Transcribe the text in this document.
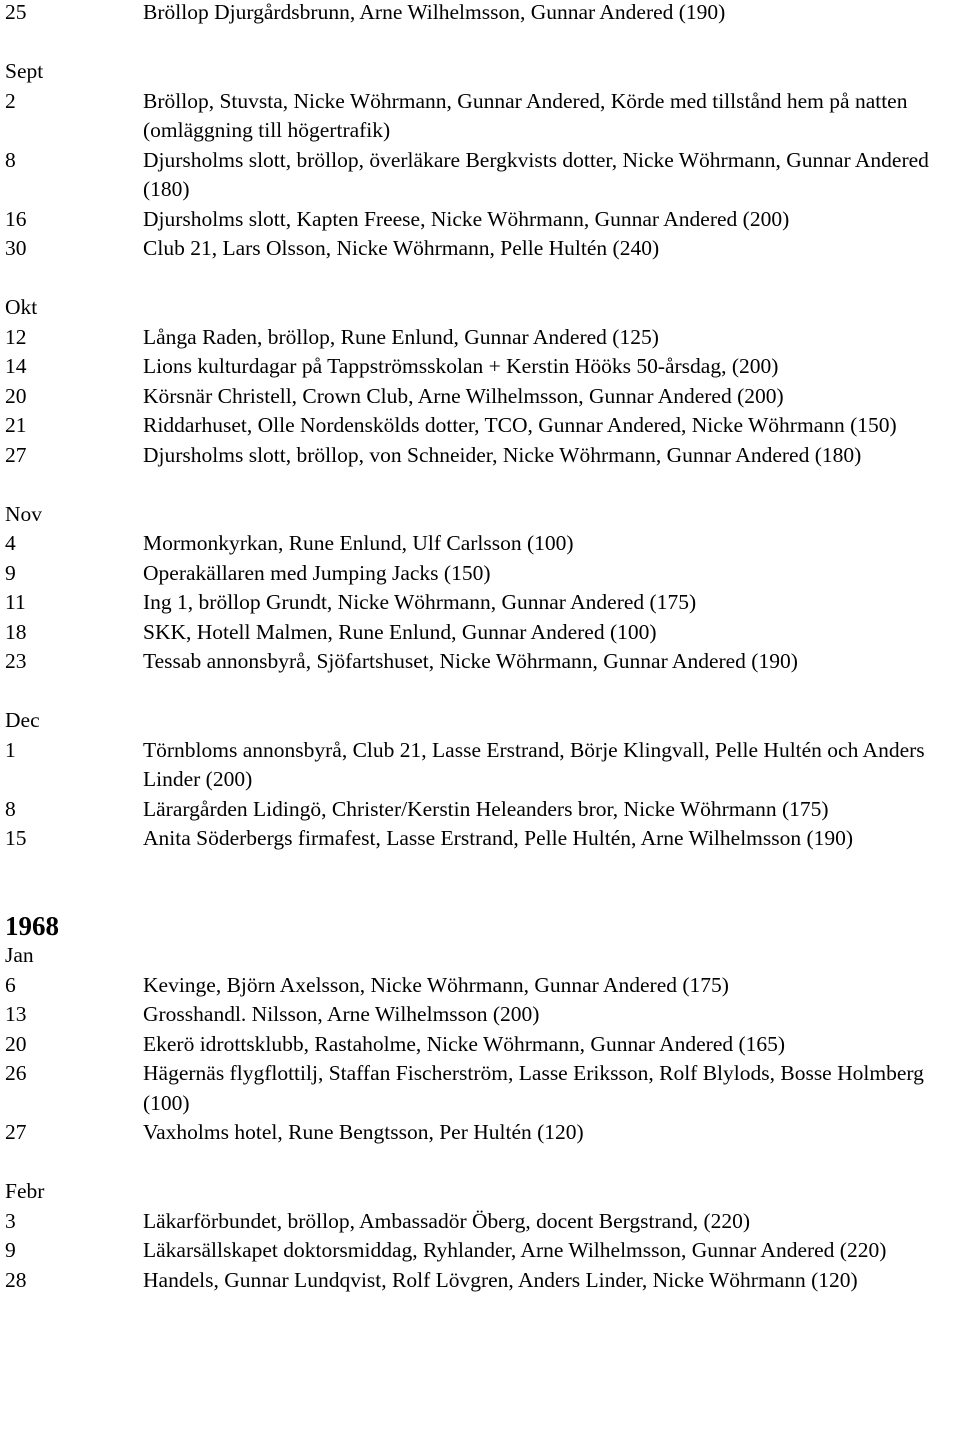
25	Bröllop Djurgårdsbrunn, Arne Wilhelmsson, Gunnar Andered (190)
Sept
2	Bröllop, Stuvsta, Nicke Wöhrmann, Gunnar Andered, Körde med tillstånd hem på natten (omläggning till högertrafik)
8	Djursholms slott, bröllop, överläkare Bergkvists dotter, Nicke Wöhrmann, Gunnar Andered (180)
16	Djursholms slott, Kapten Freese, Nicke Wöhrmann, Gunnar Andered (200)
30	Club 21, Lars Olsson, Nicke Wöhrmann, Pelle Hultén (240)
Okt
12	Långa Raden, bröllop, Rune Enlund, Gunnar Andered (125)
14	Lions kulturdagar på Tappströmsskolan + Kerstin Hööks 50-årsdag, (200)
20	Körsnär Christell, Crown Club, Arne Wilhelmsson, Gunnar Andered (200)
21	Riddarhuset, Olle Nordenskölds dotter, TCO, Gunnar Andered, Nicke Wöhrmann (150)
27	Djursholms slott, bröllop, von Schneider, Nicke Wöhrmann, Gunnar Andered (180)
Nov
4	Mormonkyrkan, Rune Enlund, Ulf Carlsson (100)
9	Operakällaren med Jumping Jacks (150)
11	Ing 1, bröllop Grundt, Nicke Wöhrmann, Gunnar Andered (175)
18	SKK, Hotell Malmen, Rune Enlund, Gunnar Andered (100)
23	Tessab annonsbyrå, Sjöfartshuset, Nicke Wöhrmann, Gunnar Andered (190)
Dec
1	Törnbloms annonsbyrå, Club 21, Lasse Erstrand, Börje Klingvall, Pelle Hultén och Anders Linder (200)
8	Lärargården Lidingö, Christer/Kerstin Heleanders bror, Nicke Wöhrmann (175)
15	Anita Söderbergs firmafest, Lasse Erstrand, Pelle Hultén, Arne Wilhelmsson (190)
1968
Jan
6	Kevinge, Björn Axelsson, Nicke Wöhrmann, Gunnar Andered (175)
13	Grosshandl. Nilsson, Arne Wilhelmsson (200)
20	Ekerö idrottsklubb, Rastaholme, Nicke Wöhrmann, Gunnar Andered (165)
26	Hägernäs flygflottilj, Staffan Fischerström, Lasse Eriksson, Rolf Blylods, Bosse Holmberg (100)
27	Vaxholms hotel, Rune Bengtsson, Per Hultén (120)
Febr
3	Läkarförbundet, bröllop, Ambassadör Öberg, docent Bergstrand, (220)
9	Läkarsällskapet doktorsmiddag, Ryhlander, Arne Wilhelmsson, Gunnar Andered (220)
28	Handels, Gunnar Lundqvist, Rolf Lövgren, Anders Linder, Nicke Wöhrmann (120)
